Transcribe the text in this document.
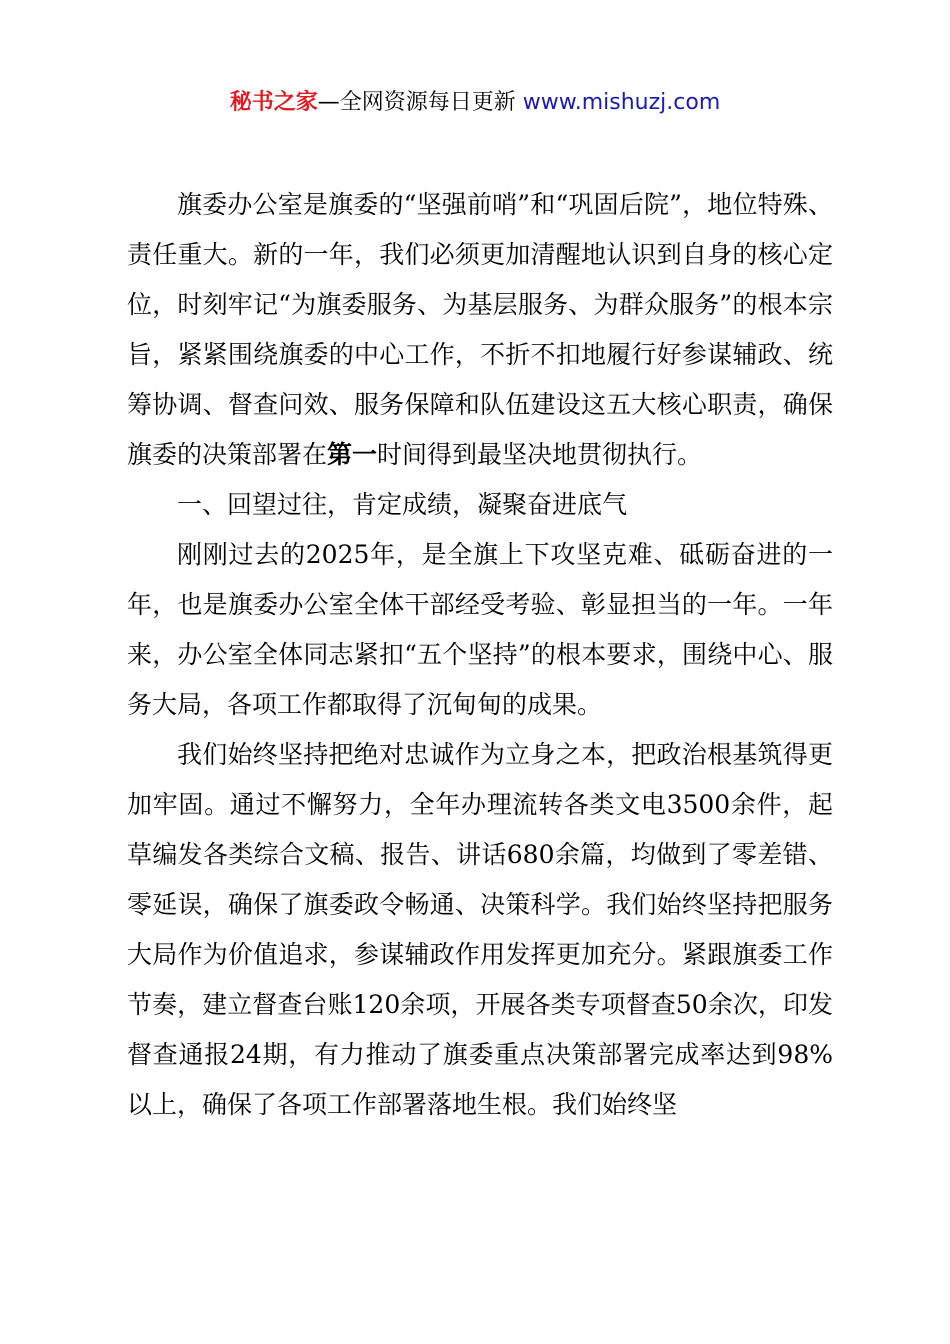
秘书之家—全网资源每日更新 www.mishuzj.com

旗委办公室是旗委的“坚强前哨”和“巩固后院”，地位特殊、责任重大。新的一年，我们必须更加清醒地认识到自身的核心定位，时刻牢记“为旗委服务、为基层服务、为群众服务”的根本宗旨，紧紧围绕旗委的中心工作，不折不扣地履行好参谋辅政、统筹协调、督查问效、服务保障和队伍建设这五大核心职责，确保旗委的决策部署在第一时间得到最坚决地贯彻执行。

一、回望过往，肯定成绩，凝聚奋进底气

刚刚过去的2025年，是全旗上下攻坚克难、砥砺奋进的一年，也是旗委办公室全体干部经受考验、彰显担当的一年。一年来，办公室全体同志紧扣“五个坚持”的根本要求，围绕中心、服务大局，各项工作都取得了沉甸甸的成果。

我们始终坚持把绝对忠诚作为立身之本，把政治根基筑得更加牢固。通过不懈努力，全年办理流转各类文电3500余件，起草编发各类综合文稿、报告、讲话680余篇，均做到了零差错、零延误，确保了旗委政令畅通、决策科学。我们始终坚持把服务大局作为价值追求，参谋辅政作用发挥更加充分。紧跟旗委工作节奏，建立督查台账120余项，开展各类专项督查50余次，印发督查通报24期，有力推动了旗委重点决策部署完成率达到98%以上，确保了各项工作部署落地生根。我们始终坚
